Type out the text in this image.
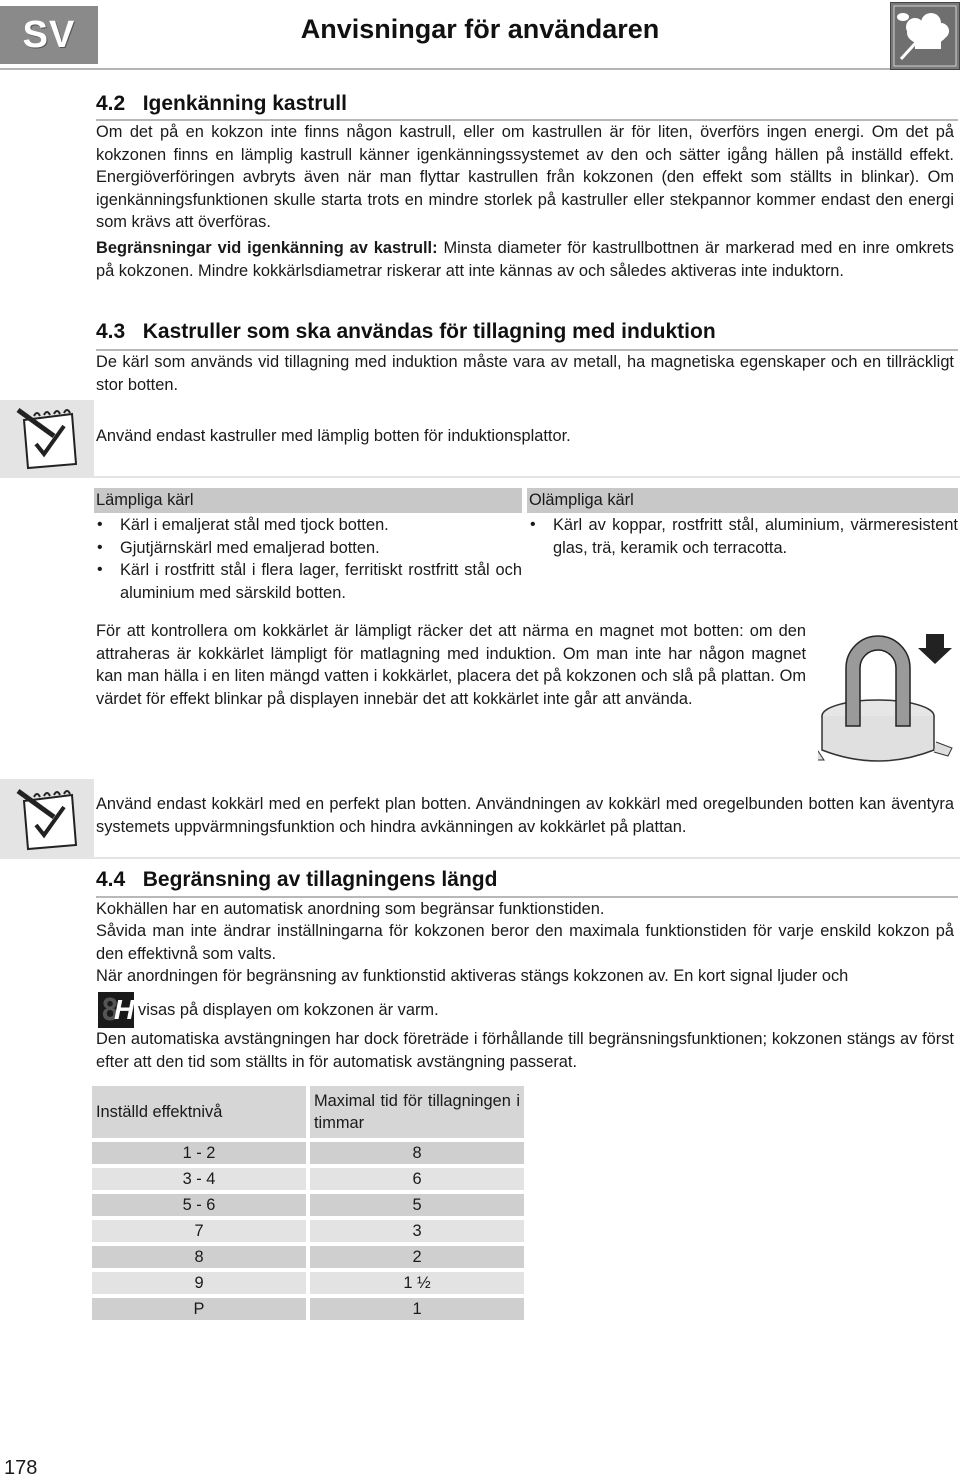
SV	Anvisningar för användaren
4.2 Igenkänning kastrull
Om det på en kokzon inte finns någon kastrull, eller om kastrullen är för liten, överförs ingen energi. Om det på kokzonen finns en lämplig kastrull känner igenkänningssystemet av den och sätter igång hällen på inställd effekt. Energiöverföringen avbryts även när man flyttar kastrullen från kokzonen (den effekt som ställts in blinkar). Om igenkänningsfunktionen skulle starta trots en mindre storlek på kastruller eller stekpannor kommer endast den energi som krävs att överföras.
Begränsningar vid igenkänning av kastrull: Minsta diameter för kastrullbottnen är markerad med en inre omkrets på kokzonen. Mindre kokkärlsdiametrar riskerar att inte kännas av och således aktiveras inte induktorn.
4.3 Kastruller som ska användas för tillagning med induktion
De kärl som används vid tillagning med induktion måste vara av metall, ha magnetiska egenskaper och en tillräckligt stor botten.
Använd endast kastruller med lämplig botten för induktionsplattor.
Lämpliga kärl
• Kärl i emaljerat stål med tjock botten.
• Gjutjärnskärl med emaljerad botten.
• Kärl i rostfritt stål i flera lager, ferritiskt rostfritt stål och aluminium med särskild botten.
Olämpliga kärl
• Kärl av koppar, rostfritt stål, aluminium, värmeresistent glas, trä, keramik och terracotta.
För att kontrollera om kokkärlet är lämpligt räcker det att närma en magnet mot botten: om den attraheras är kokkärlet lämpligt för matlagning med induktion. Om man inte har någon magnet kan man hälla i en liten mängd vatten i kokkärlet, placera det på kokzonen och slå på plattan. Om värdet för effekt blinkar på displayen innebär det att kokkärlet inte går att använda.
Använd endast kokkärl med en perfekt plan botten. Användningen av kokkärl med oregelbunden botten kan äventyra systemets uppvärmningsfunktion och hindra avkänningen av kokkärlet på plattan.
4.4 Begränsning av tillagningens längd
Kokhällen har en automatisk anordning som begränsar funktionstiden.
Såvida man inte ändrar inställningarna för kokzonen beror den maximala funktionstiden för varje enskild kokzon på den effektivnå som valts.
När anordningen för begränsning av funktionstid aktiveras stängs kokzonen av. En kort signal ljuder och
8
H visas på displayen om kokzonen är varm.
Den automatiska avstängningen har dock företräde i förhållande till begränsningsfunktionen; kokzonen stängs av först efter att den tid som ställts in för automatisk avstängning passerat.
Inställd effektnivå		Maximal tid för tillagningen i timmar
1 - 2		8
3 - 4		6
5 - 6		5
7		3
8		2
9		1 ½
P		1
178
